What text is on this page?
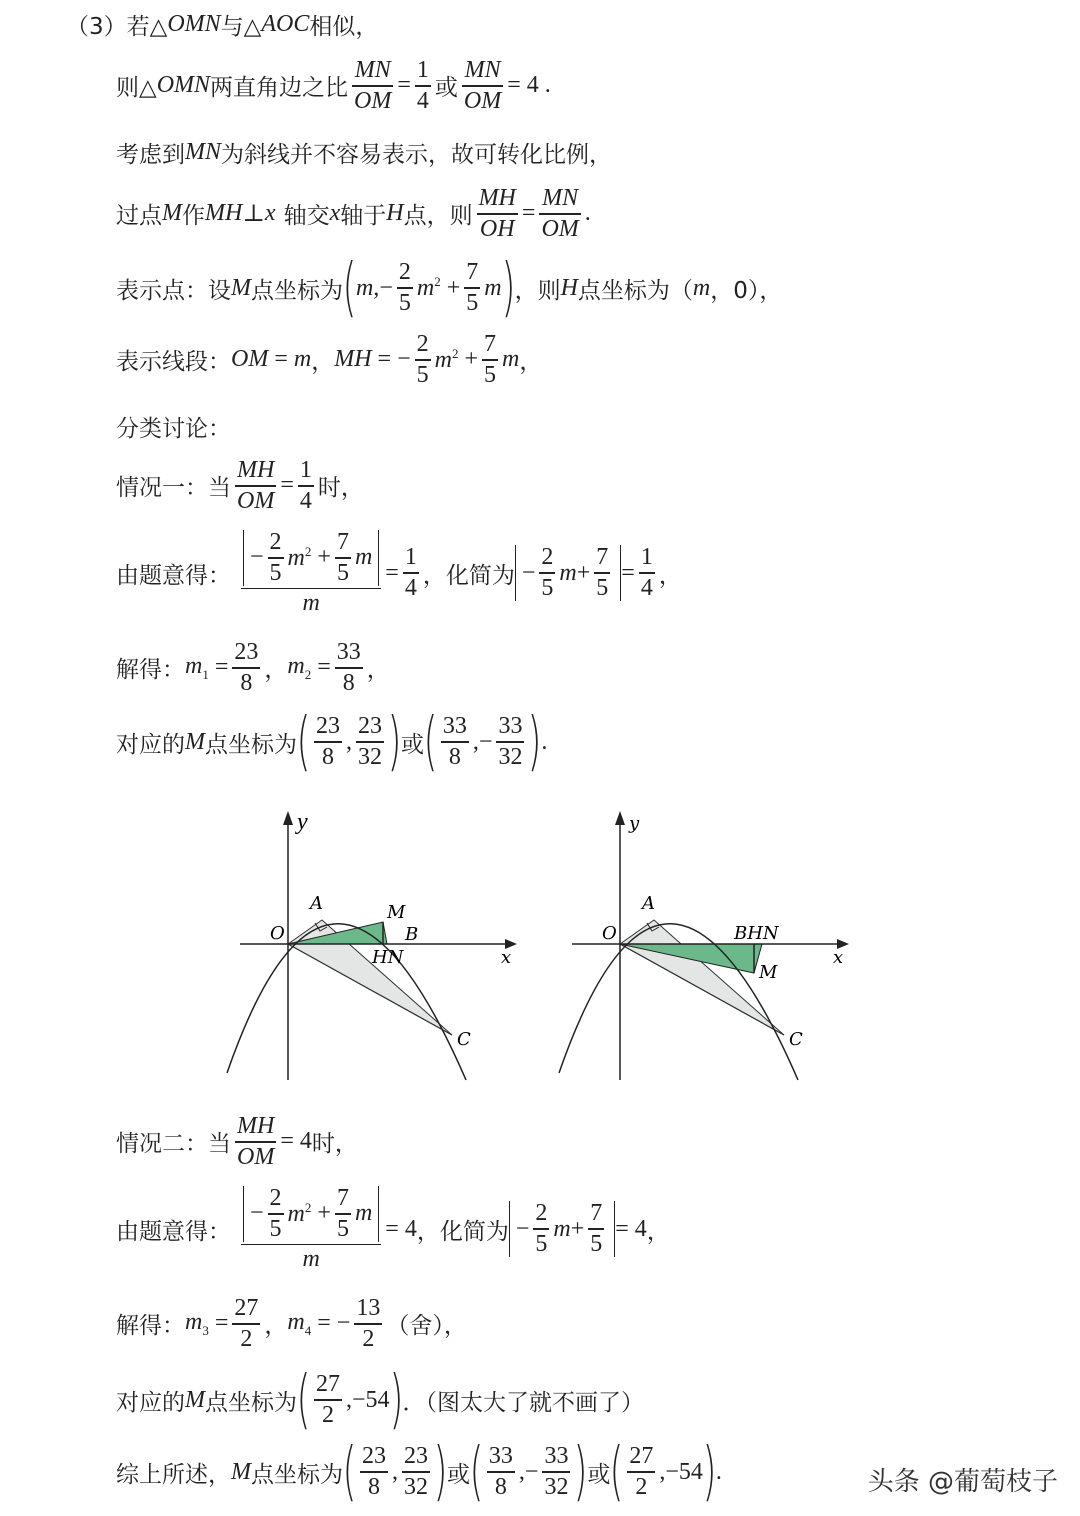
（3）若△ OMN 与△ AOC 相似，
则△ OMN 两直角边之比 $\frac{MN}{OM} = \frac{1}{4}$ 或 $\frac{MN}{OM} = 4$ .
考虑到 MN 为斜线并不容易表示，故可转化比例，
过点 M 作 MH ⊥ x 轴交 x 轴于 H 点，则 $\frac{MH}{OH} = \frac{MN}{OM}$ .
表示点：设 M 点坐标为 ( m, − $\frac{2}{5} m^2 + \frac{7}{5}$ m ) ，则 H 点坐标为（ m ，0），
表示线段： OM = m ， MH = − $\frac{2}{5} m^2 + \frac{7}{5}$ m ，
分类讨论：
情况一：当 $\frac{MH}{OM} = \frac{1}{4}$ 时，
由题意得： $\frac{- \frac{2}{5} m^2 + \frac{7}{5} m}{m} = \frac{1}{4}$ ，化简为 − $\frac{2}{5}$ $m + \frac{7}{5} = \frac{1}{4}$ ，
解得： $m_1 = \frac{23}{8}$ ， $m_2 = \frac{33}{8}$ ，
对应的 M 点坐标为 ( $\frac{23}{8}$ , $\frac{23}{32}$ ) 或 ( $\frac{33}{8}$ ,− $\frac{33}{32}$ ) .
y
x
O
A	M
B
HN
C
y
x
O
A
BHN
M
C
情况二：当 $\frac{MH}{OM} = 4$ 时，
由题意得： $\frac{- \frac{2}{5} m^2 + \frac{7}{5} m}{m} = 4$ ，化简为 − $\frac{2}{5}$ $m + \frac{7}{5} = 4$ ，
解得： $m_3 = \frac{27}{2}$ ， $m_4$ = − $\frac{13}{2}$ （舍），
对应的 M 点坐标为 ( $\frac{27}{2} ,-54$ ) ．（图太大了就不画了）
综上所述， M 点坐标为 ( $\frac{23}{8}$ , $\frac{23}{32}$ ) 或 ( $\frac{33}{8}$ ,− $\frac{33}{32}$ ) 或 ( $\frac{27}{2} ,-54$ ) .	头条 @葡萄枝子
